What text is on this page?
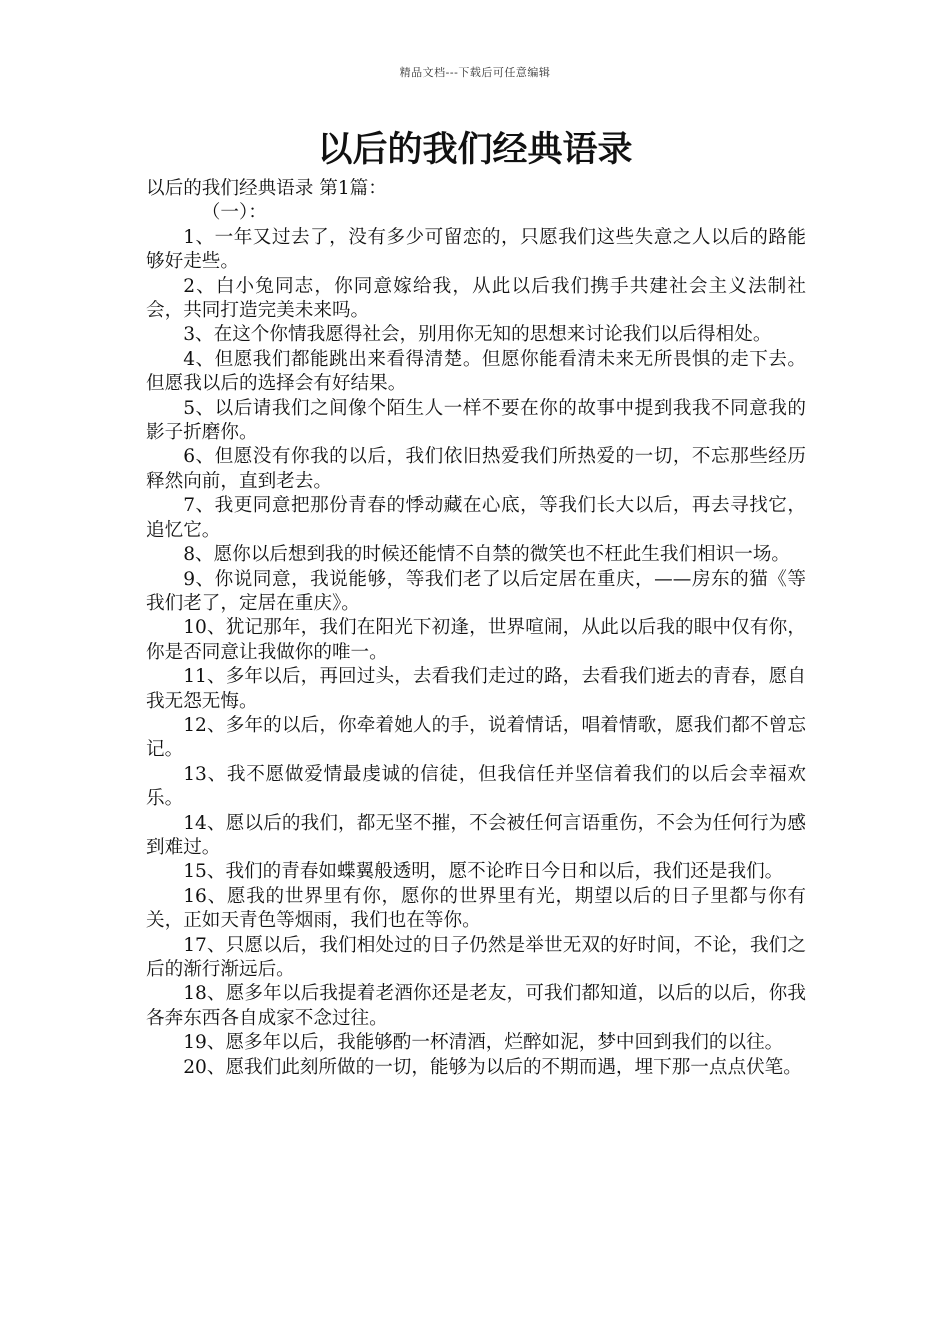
精品文档---下载后可任意编辑
以后的我们经典语录

以后的我们经典语录 第1篇：

（一）：

1、一年又过去了，没有多少可留恋的，只愿我们这些失意之人以后的路能够好走些。

2、白小兔同志，你同意嫁给我，从此以后我们携手共建社会主义法制社会，共同打造完美未来吗。

3、在这个你情我愿得社会，别用你无知的思想来讨论我们以后得相处。

4、但愿我们都能跳出来看得清楚。但愿你能看清未来无所畏惧的走下去。但愿我以后的选择会有好结果。

5、以后请我们之间像个陌生人一样不要在你的故事中提到我我不同意我的影子折磨你。

6、但愿没有你我的以后，我们依旧热爱我们所热爱的一切，不忘那些经历释然向前，直到老去。

7、我更同意把那份青春的悸动藏在心底，等我们长大以后，再去寻找它，追忆它。

8、愿你以后想到我的时候还能情不自禁的微笑也不枉此生我们相识一场。

9、你说同意，我说能够，等我们老了以后定居在重庆，——房东的猫《等我们老了，定居在重庆》。

10、犹记那年，我们在阳光下初逢，世界喧闹，从此以后我的眼中仅有你，你是否同意让我做你的唯一。

11、多年以后，再回过头，去看我们走过的路，去看我们逝去的青春，愿自我无怨无悔。

12、多年的以后，你牵着她人的手，说着情话，唱着情歌，愿我们都不曾忘记。

13、我不愿做爱情最虔诚的信徒，但我信任并坚信着我们的以后会幸福欢乐。

14、愿以后的我们，都无坚不摧，不会被任何言语重伤，不会为任何行为感到难过。

15、我们的青春如蝶翼般透明，愿不论昨日今日和以后，我们还是我们。

16、愿我的世界里有你，愿你的世界里有光，期望以后的日子里都与你有关，正如天青色等烟雨，我们也在等你。

17、只愿以后，我们相处过的日子仍然是举世无双的好时间，不论，我们之后的渐行渐远后。

18、愿多年以后我提着老酒你还是老友，可我们都知道，以后的以后，你我各奔东西各自成家不念过往。

19、愿多年以后，我能够酌一杯清酒，烂醉如泥，梦中回到我们的以往。

20、愿我们此刻所做的一切，能够为以后的不期而遇，埋下那一点点伏笔。
